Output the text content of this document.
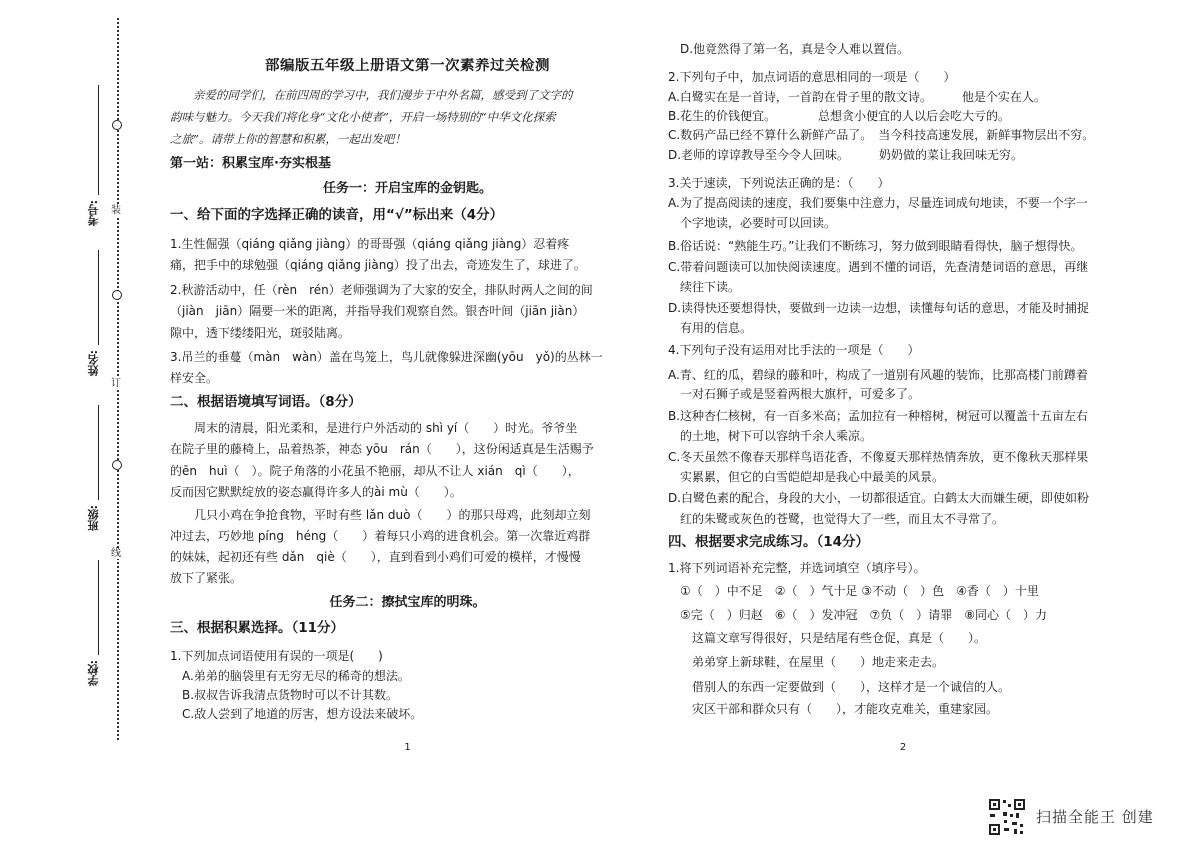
装
订
线
考号:
姓名:
班级:
学校:
部编版五年级上册语文第一次素养过关检测
　　亲爱的同学们，在前四周的学习中，我们漫步于中外名篇，感受到了文字的
韵味与魅力。今天我们将化身“文化小使者”，开启一场特别的“中华文化探索
之旅”。请带上你的智慧和积累，一起出发吧！
第一站：积累宝库·夯实根基
任务一：开启宝库的金钥匙。
一、给下面的字选择正确的读音，用“√”标出来（4分）
1.生性倔强（qiáng qiǎng jiàng）的哥哥强（qiáng qiǎng jiàng）忍着疼
痛，把手中的球勉强（qiáng qiǎng jiàng）投了出去，奇迹发生了，球进了。
2.秋游活动中，任（rèn　rén）老师强调为了大家的安全，排队时两人之间的间
（jiàn　jiān）隔要一米的距离，并指导我们观察自然。银杏叶间（jiān jiàn）
隙中，透下缕缕阳光，斑驳陆离。
3.吊兰的垂蔓（màn　wàn）盖在鸟笼上，鸟儿就像躲进深幽(yōu　yǒ)的丛林一
样安全。
二、根据语境填写词语。（8分）
　　周末的清晨，阳光柔和，是进行户外活动的 shì yí（　　）时光。爷爷坐
在院子里的藤椅上，品着热茶，神态 yōu　rán（　　），这份闲适真是生活赐予
的ēn　huì（　）。院子角落的小花虽不艳丽，却从不让人 xián　qì（　　），
反而因它默默绽放的姿态赢得许多人的ài mù（　　）。
　　几只小鸡在争抢食物，平时有些 lǎn duò（　　）的那只母鸡，此刻却立刻
冲过去，巧妙地 píng　héng（　　）着每只小鸡的进食机会。第一次靠近鸡群
的妹妹，起初还有些 dǎn　qiè（　　），直到看到小鸡们可爱的模样，才慢慢
放下了紧张。
任务二：擦拭宝库的明珠。
三、根据积累选择。（11分）
1.下列加点词语使用有误的一项是(　　)
　A.弟弟的脑袋里有无穷无尽的稀奇的想法。
　B.叔叔告诉我清点货物时可以不计其数。
　C.敌人尝到了地道的厉害，想方设法来破坏。
1
　D.他竟然得了第一名，真是令人难以置信。
2.下列句子中，加点词语的意思相同的一项是（　　）
A.白鹭实在是一首诗，一首韵在骨子里的散文诗。　　　他是个实在人。
B.花生的价钱便宜。　　　　总想贪小便宜的人以后会吃大亏的。
C.数码产品已经不算什么新鲜产品了。　当今科技高速发展，新鲜事物层出不穷。
D.老师的谆谆教导至今令人回味。　　　奶奶做的菜让我回味无穷。
3.关于速读，下列说法正确的是：（　　）
A.为了提高阅读的速度，我们要集中注意力，尽量连词成句地读，不要一个字一
　个字地读，必要时可以回读。
B.俗话说：“熟能生巧。”让我们不断练习，努力做到眼睛看得快，脑子想得快。
C.带着问题读可以加快阅读速度。遇到不懂的词语，先查清楚词语的意思，再继
　续往下读。
D.读得快还要想得快，要做到一边读一边想，读懂每句话的意思，才能及时捕捉
　有用的信息。
4.下列句子没有运用对比手法的一项是（　　）
A.青、红的瓜，碧绿的藤和叶，构成了一道别有风趣的装饰，比那高楼门前蹲着
　一对石狮子或是竖着两根大旗杆，可爱多了。
B.这种杏仁核树，有一百多米高；孟加拉有一种榕树，树冠可以覆盖十五亩左右
　的土地，树下可以容纳千余人乘凉。
C.冬天虽然不像春天那样鸟语花香，不像夏天那样热情奔放，更不像秋天那样果
　实累累，但它的白雪皑皑却是我心中最美的风景。
D.白鹭色素的配合，身段的大小，一切都很适宜。白鹤太大而嫌生硬，即使如粉
　红的朱鹭或灰色的苍鹭，也觉得大了一些，而且太不寻常了。
四、根据要求完成练习。（14分）
1.将下列词语补充完整，并选词填空（填序号）。
　①（　）中不足　②（　）气十足 ③不动（　）色　④香（　）十里
　⑤完（　）归赵　⑥（　）发冲冠　⑦负（　）请罪　⑧同心（　）力
　　这篇文章写得很好，只是结尾有些仓促，真是（　　）。
　　弟弟穿上新球鞋，在屋里（　　）地走来走去。
　　借别人的东西一定要做到（　　），这样才是一个诚信的人。
　　灾区干部和群众只有（　　），才能攻克难关，重建家园。
2
扫描全能王 创建
